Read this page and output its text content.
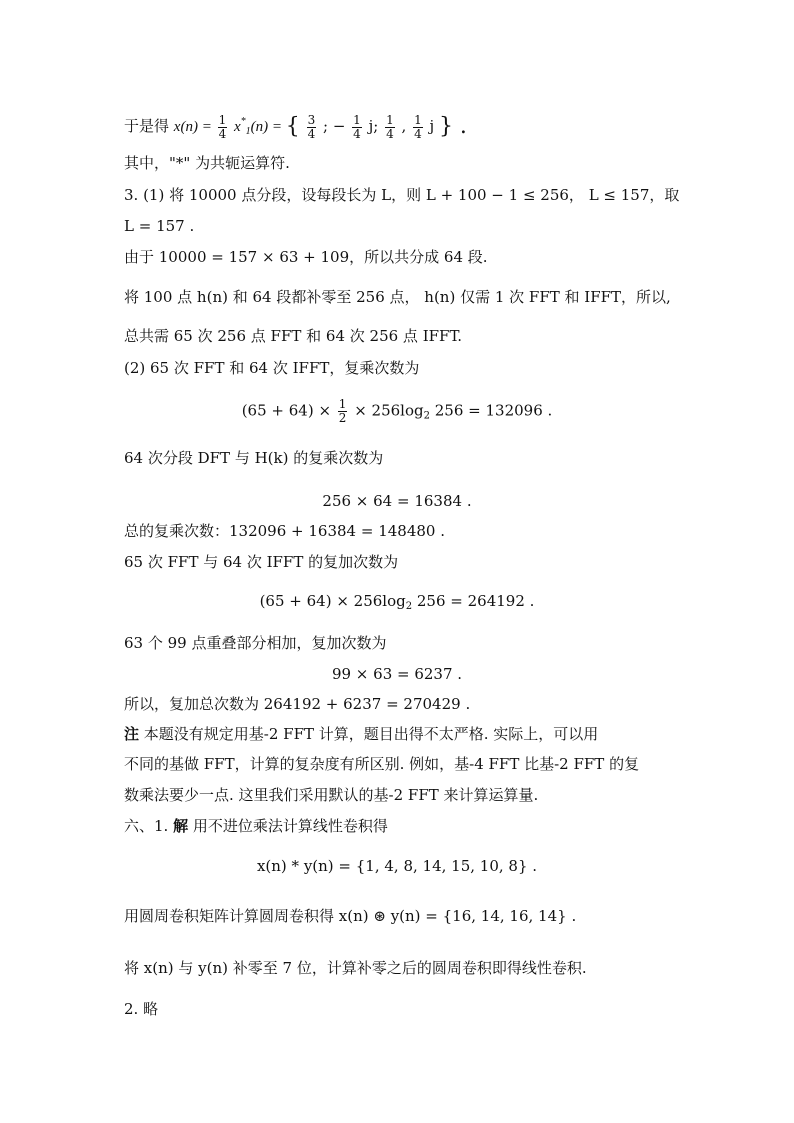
于是得 $x(n) = \frac{1}{4} x^*_1(n)$ = { $\frac{3}{4}$ ; − $\frac{1}{4} j$; $\frac{1}{4}$ , $\frac{1}{4}$ j } .
其中，"*" 为共轭运算符.
3. (1) 将 10000 点分段，设每段长为 L，则 L + 100 − 1 ≤ 256， L ≤ 157，取
L = 157 .
由于 10000 = 157 × 63 + 109，所以共分成 64 段.
将 100 点 h(n) 和 64 段都补零至 256 点， h(n) 仅需 1 次 FFT 和 IFFT，所以,
总共需 65 次 256 点 FFT 和 64 次 256 点 IFFT.
(2) 65 次 FFT 和 64 次 IFFT，复乘次数为
$(65 + 64) \times \frac{1}{2} \times 256\log_2$ 256 = 132096 .
64 次分段 DFT 与 H(k) 的复乘次数为
256 × 64 = 16384 .
总的复乘次数：132096 + 16384 = 148480 .
65 次 FFT 与 64 次 IFFT 的复加次数为
$(65 + 64) \times 256\log_2$ 256 = 264192 .
63 个 99 点重叠部分相加，复加次数为
99 × 63 = 6237 .
所以，复加总次数为 264192 + 6237 = 270429 .
注 本题没有规定用基-2 FFT 计算，题目出得不太严格. 实际上，可以用
不同的基做 FFT，计算的复杂度有所区别. 例如，基-4 FFT 比基-2 FFT 的复
数乘法要少一点. 这里我们采用默认的基-2 FFT 来计算运算量.
六、1. 解 用不进位乘法计算线性卷积得
x(n) * y(n) = {1, 4, 8, 14, 15, 10, 8} .
用圆周卷积矩阵计算圆周卷积得 x(n) ⊛ y(n) = {16, 14, 16, 14} .
将 x(n) 与 y(n) 补零至 7 位，计算补零之后的圆周卷积即得线性卷积.
2. 略
